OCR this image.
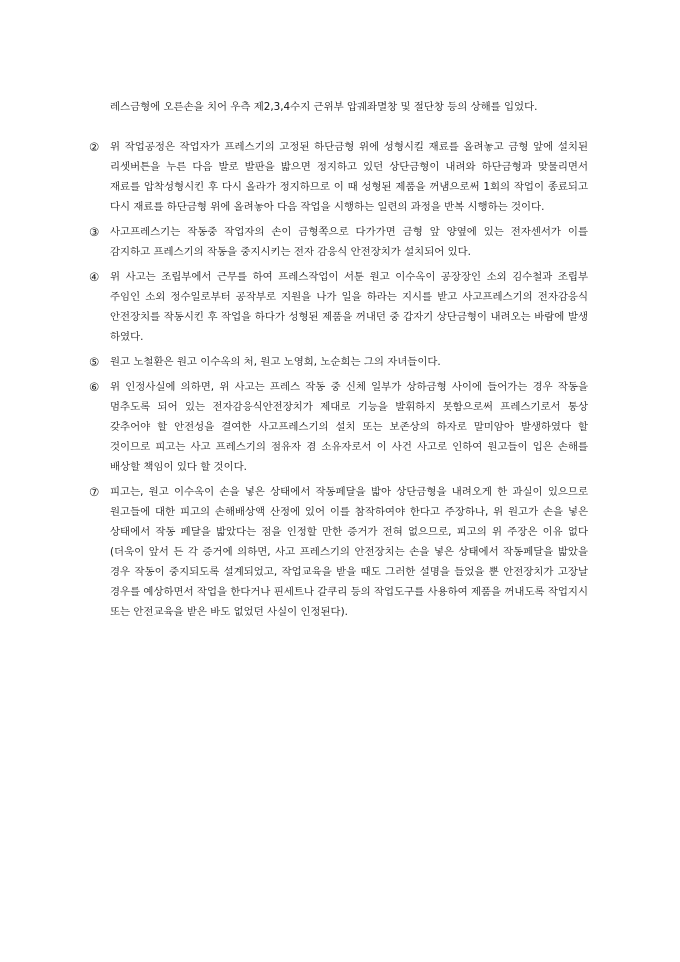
레스금형에 오른손을 치어 우측 제2,3,4수지 근위부 압궤좌멸창 및 절단창 등의 상해를 입었다.

②	위 작업공정은 작업자가 프레스기의 고정된 하단금형 위에 성형시킬 재료를 올려놓고 금형 앞에 설치된 리셋버튼을 누른 다음 발로 발판을 밟으면 정지하고 있던 상단금형이 내려와 하단금형과 맞물리면서 재료를 압착성형시킨 후 다시 올라가 정지하므로 이 때 성형된 제품을 꺼냄으로써 1회의 작업이 종료되고 다시 재료를 하단금형 위에 올려놓아 다음 작업을 시행하는 일련의 과정을 반복 시행하는 것이다.
③	사고프레스기는 작동중 작업자의 손이 금형쪽으로 다가가면 금형 앞 양옆에 있는 전자센서가 이를 감지하고 프레스기의 작동을 중지시키는 전자 감응식 안전장치가 설치되어 있다.
④	위 사고는 조립부에서 근무를 하여 프레스작업이 서툰 원고 이수옥이 공장장인 소외 김수철과 조립부 주임인 소외 정수일로부터 공작부로 지원을 나가 일을 하라는 지시를 받고 사고프레스기의 전자감응식 안전장치를 작동시킨 후 작업을 하다가 성형된 제품을 꺼내던 중 갑자기 상단금형이 내려오는 바람에 발생 하였다.
⑤	원고 노철환은 원고 이수옥의 처, 원고 노영희, 노순희는 그의 자녀들이다.
⑥	위 인정사실에 의하면, 위 사고는 프레스 작동 중 신체 일부가 상하금형 사이에 들어가는 경우 작동을 멈추도록 되어 있는 전자감응식안전장치가 제대로 기능을 발휘하지 못함으로써 프레스기로서 통상 갖추어야 할 안전성을 결여한 사고프레스기의 설치 또는 보존상의 하자로 말미암아 발생하였다 할 것이므로 피고는 사고 프레스기의 점유자 겸 소유자로서 이 사건 사고로 인하여 원고들이 입은 손해를 배상할 책임이 있다 할 것이다.
⑦	피고는, 원고 이수옥이 손을 넣은 상태에서 작동페달을 밟아 상단금형을 내려오게 한 과실이 있으므로 원고들에 대한 피고의 손해배상액 산정에 있어 이를 참작하여야 한다고 주장하나, 위 원고가 손을 넣은 상태에서 작동 페달을 밟았다는 점을 인정할 만한 증거가 전혀 없으므로, 피고의 위 주장은 이유 없다(더욱이 앞서 든 각 증거에 의하면, 사고 프레스기의 안전장치는 손을 넣은 상태에서 작동페달을 밟았을 경우 작동이 중지되도록 설계되었고, 작업교육을 받을 때도 그러한 설명을 들었을 뿐 안전장치가 고장날 경우를 예상하면서 작업을 한다거나 핀세트나 갈쿠리 등의 작업도구를 사용하여 제품을 꺼내도록 작업지시 또는 안전교육을 받은 바도 없었던 사실이 인정된다).
